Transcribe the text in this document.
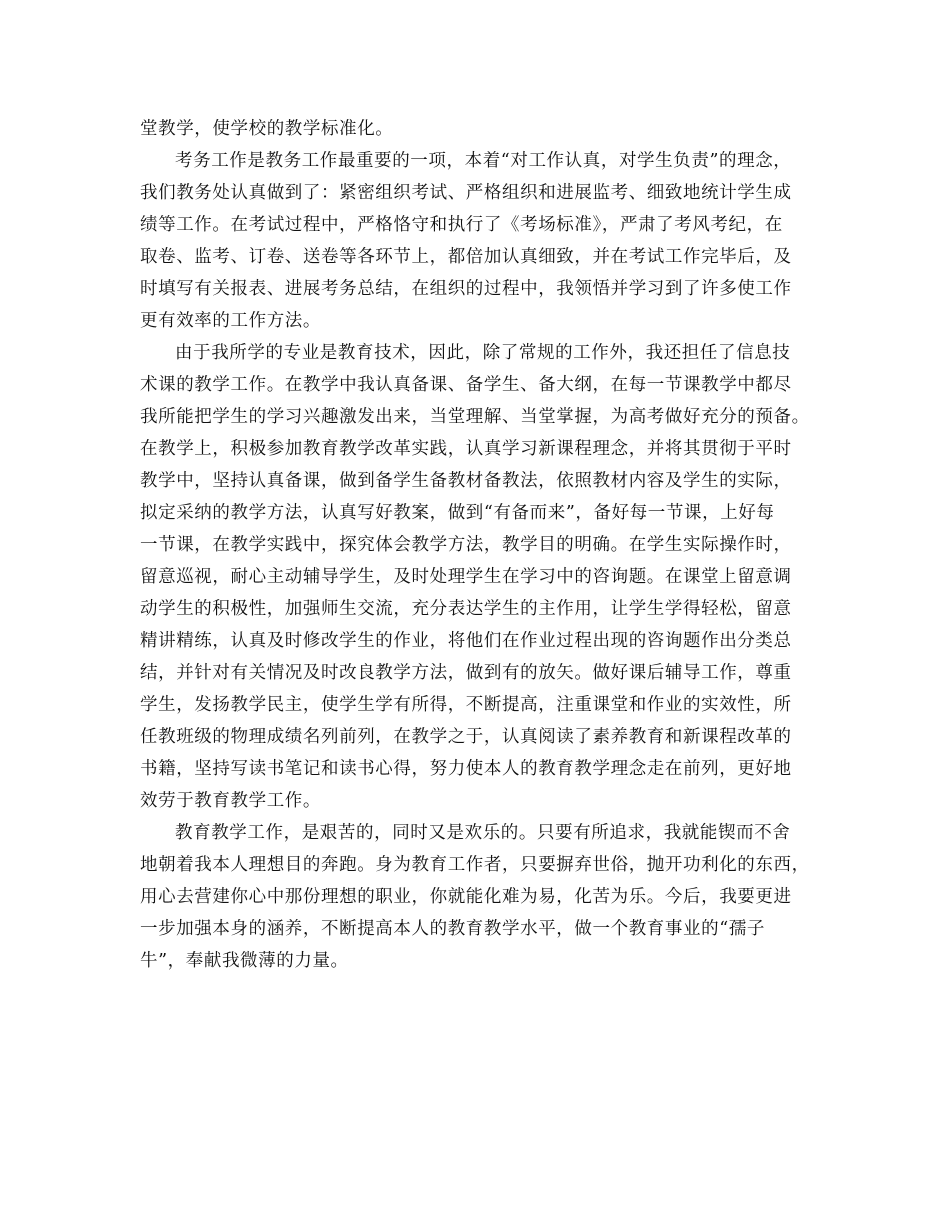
堂教学，使学校的教学标准化。
考务工作是教务工作最重要的一项，本着“对工作认真，对学生负责”的理念，
我们教务处认真做到了：紧密组织考试、严格组织和进展监考、细致地统计学生成
绩等工作。在考试过程中，严格恪守和执行了《考场标准》，严肃了考风考纪，在
取卷、监考、订卷、送卷等各环节上，都倍加认真细致，并在考试工作完毕后，及
时填写有关报表、进展考务总结，在组织的过程中，我领悟并学习到了许多使工作
更有效率的工作方法。
由于我所学的专业是教育技术，因此，除了常规的工作外，我还担任了信息技
术课的教学工作。在教学中我认真备课、备学生、备大纲，在每一节课教学中都尽
我所能把学生的学习兴趣激发出来，当堂理解、当堂掌握，为高考做好充分的预备。
在教学上，积极参加教育教学改革实践，认真学习新课程理念，并将其贯彻于平时
教学中，坚持认真备课，做到备学生备教材备教法，依照教材内容及学生的实际，
拟定采纳的教学方法，认真写好教案，做到“有备而来”，备好每一节课，上好每
一节课，在教学实践中，探究体会教学方法，教学目的明确。在学生实际操作时，
留意巡视，耐心主动辅导学生，及时处理学生在学习中的咨询题。在课堂上留意调
动学生的积极性，加强师生交流，充分表达学生的主作用，让学生学得轻松，留意
精讲精练，认真及时修改学生的作业，将他们在作业过程出现的咨询题作出分类总
结，并针对有关情况及时改良教学方法，做到有的放矢。做好课后辅导工作，尊重
学生，发扬教学民主，使学生学有所得，不断提高，注重课堂和作业的实效性，所
任教班级的物理成绩名列前列，在教学之于，认真阅读了素养教育和新课程改革的
书籍，坚持写读书笔记和读书心得，努力使本人的教育教学理念走在前列，更好地
效劳于教育教学工作。
教育教学工作，是艰苦的，同时又是欢乐的。只要有所追求，我就能锲而不舍
地朝着我本人理想目的奔跑。身为教育工作者，只要摒弃世俗，抛开功利化的东西，
用心去营建你心中那份理想的职业，你就能化难为易，化苦为乐。今后，我要更进
一步加强本身的涵养，不断提高本人的教育教学水平，做一个教育事业的“孺子
牛”，奉献我微薄的力量。
